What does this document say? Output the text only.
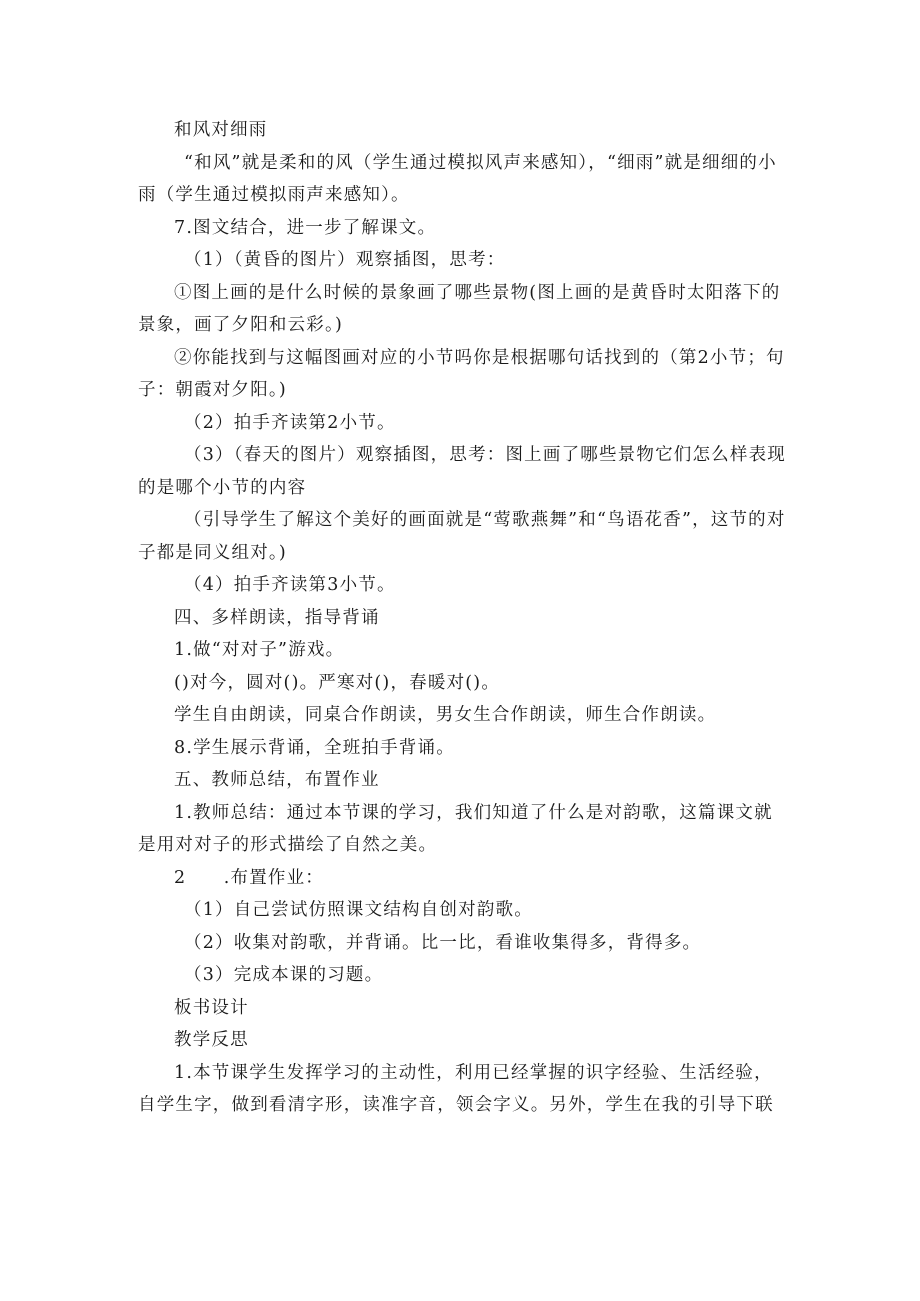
和风对细雨

“和风”就是柔和的风（学生通过模拟风声来感知），“细雨”就是细细的小雨（学生通过模拟雨声来感知）。

7.图文结合，进一步了解课文。

（1）（黄昏的图片）观察插图，思考：

①图上画的是什么时候的景象画了哪些景物(图上画的是黄昏时太阳落下的景象，画了夕阳和云彩。)

②你能找到与这幅图画对应的小节吗你是根据哪句话找到的（第2小节；句子：朝霞对夕阳。)

（2）拍手齐读第2小节。

（3）（春天的图片）观察插图，思考：图上画了哪些景物它们怎么样表现的是哪个小节的内容

（引导学生了解这个美好的画面就是“莺歌燕舞”和“鸟语花香”，这节的对子都是同义组对。)

（4）拍手齐读第3小节。

四、多样朗读，指导背诵

1.做“对对子”游戏。

()对今，圆对()。严寒对()，春暖对()。

学生自由朗读，同桌合作朗读，男女生合作朗读，师生合作朗读。

8.学生展示背诵，全班拍手背诵。

五、教师总结，布置作业

1.教师总结：通过本节课的学习，我们知道了什么是对韵歌，这篇课文就是用对对子的形式描绘了自然之美。

2　　.布置作业：

（1）自己尝试仿照课文结构自创对韵歌。

（2）收集对韵歌，并背诵。比一比，看谁收集得多，背得多。

（3）完成本课的习题。

板书设计

教学反思

1.本节课学生发挥学习的主动性，利用已经掌握的识字经验、生活经验，自学生字，做到看清字形，读准字音，领会字义。另外，学生在我的引导下联
